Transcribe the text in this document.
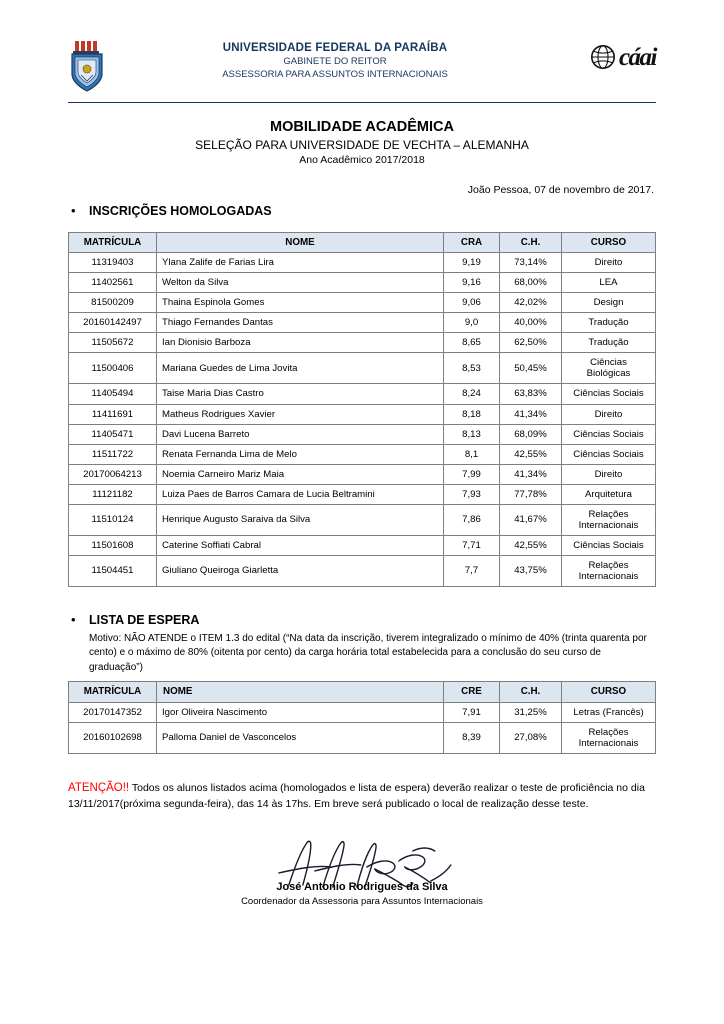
UNIVERSIDADE FEDERAL DA PARAÍBA
GABINETE DO REITOR
ASSESSORIA PARA ASSUNTOS INTERNACIONAIS
cáai
MOBILIDADE ACADÊMICA
SELEÇÃO PARA UNIVERSIDADE DE VECHTA – ALEMANHA
Ano Acadêmico 2017/2018
João Pessoa, 07 de novembro de 2017.
•	INSCRIÇÕES HOMOLOGADAS
MATRÍCULA	NOME	CRA	C.H.	CURSO
11319403	Ylana Zalife de Farias Lira	9,19	73,14%	Direito
11402561	Welton da Silva	9,16	68,00%	LEA
81500209	Thaina Espinola Gomes	9,06	42,02%	Design
20160142497	Thiago Fernandes Dantas	9,0	40,00%	Tradução
11505672	Ian Dionisio Barboza	8,65	62,50%	Tradução
11500406	Mariana Guedes de Lima Jovita	8,53	50,45%	Ciências Biológicas
11405494	Taise Maria Dias Castro	8,24	63,83%	Ciências Sociais
11411691	Matheus Rodrigues Xavier	8,18	41,34%	Direito
11405471	Davi Lucena Barreto	8,13	68,09%	Ciências Sociais
11511722	Renata Fernanda Lima de Melo	8,1	42,55%	Ciências Sociais
20170064213	Noemia Carneiro Mariz Maia	7,99	41,34%	Direito
11121182	Luiza Paes de Barros Camara de Lucia Beltramini	7,93	77,78%	Arquitetura
11510124	Henrique Augusto Saraiva da Silva	7,86	41,67%	Relações Internacionais
11501608	Caterine Soffiati Cabral	7,71	42,55%	Ciências Sociais
11504451	Giuliano Queiroga Giarletta	7,7	43,75%	Relações Internacionais
•	LISTA DE ESPERA
Motivo: NÃO ATENDE o ITEM 1.3 do edital (“Na data da inscrição, tiverem integralizado o mínimo de 40% (trinta quarenta por cento) e o máximo de 80% (oitenta por cento) da carga horária total estabelecida para a conclusão do seu curso de graduação”)
MATRÍCULA	NOME	CRE	C.H.	CURSO
20170147352	Igor Oliveira Nascimento	7,91	31,25%	Letras (Francês)
20160102698	Palloma Daniel de Vasconcelos	8,39	27,08%	Relações Internacionais

ATENÇÃO!! Todos os alunos listados acima (homologados e lista de espera) deverão realizar o teste de proficiência no dia 13/11/2017(próxima segunda-feira), das 14 às 17hs. Em breve será publicado o local de realização desse teste.

José Antonio Rodrigues da Silva
Coordenador da Assessoria para Assuntos Internacionais
